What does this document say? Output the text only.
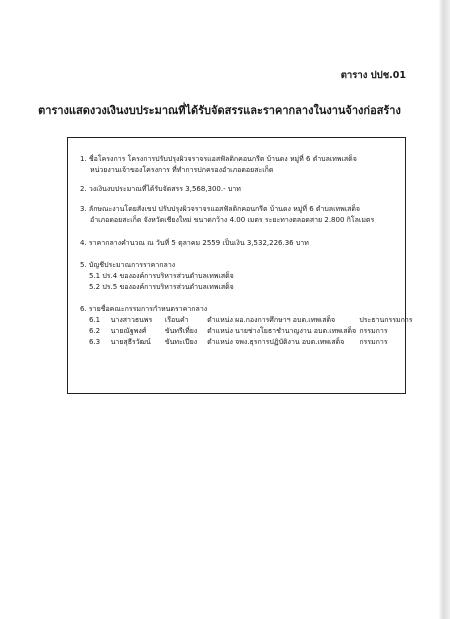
ตาราง ปปช.01
ตารางแสดงวงเงินงบประมาณที่ได้รับจัดสรรและราคากลางในงานจ้างก่อสร้าง
1. ชื่อโครงการ โครงการปรับปรุงผิวจราจรแอสฟัลติกคอนกรีต บ้านดง หมู่ที่ 6 ตำบลเทพเสด็จ
หน่วยงานเจ้าของโครงการ ที่ทำการปกครองอำเภอดอยสะเก็ด
2. วงเงินงบประมาณที่ได้รับจัดสรร 3,568,300.- บาท
3. ลักษณะงานโดยสังเขป ปรับปรุงผิวจราจรแอสฟัลติกคอนกรีต บ้านดง หมู่ที่ 6 ตำบลเทพเสด็จ
อำเภอดอยสะเก็ด จังหวัดเชียงใหม่ ขนาดกว้าง 4.00 เมตร ระยะทางตลอดสาย 2.800 กิโลเมตร
4. ราคากลางคำนวณ ณ วันที่ 5 ตุลาคม 2559 เป็นเงิน 3,532,226.36 บาท
5. บัญชีประมาณการราคากลาง
5.1 ปร.4 ขององค์การบริหารส่วนตำบลเทพเสด็จ
5.2 ปร.5 ขององค์การบริหารส่วนตำบลเทพเสด็จ
6. รายชื่อคณะกรรมการกำหนดราคากลาง
6.1 นางสาวธนพร เรือนคำ	ตำแหน่ง ผอ.กองการศึกษาฯ อบต.เทพเสด็จ	ประธานกรรมการ
6.2 นายณัฐพงศ์	ขันทรีเที่ยง ตำแหน่ง นายช่างโยธาชำนาญงาน อบต.เทพเสด็จ กรรมการ
6.3 นายสุธีรวัฒน์ ขันทะเปียง ตำแหน่ง จพง.ธุรการปฏิบัติงาน อบต.เทพเสด็จ กรรมการ
